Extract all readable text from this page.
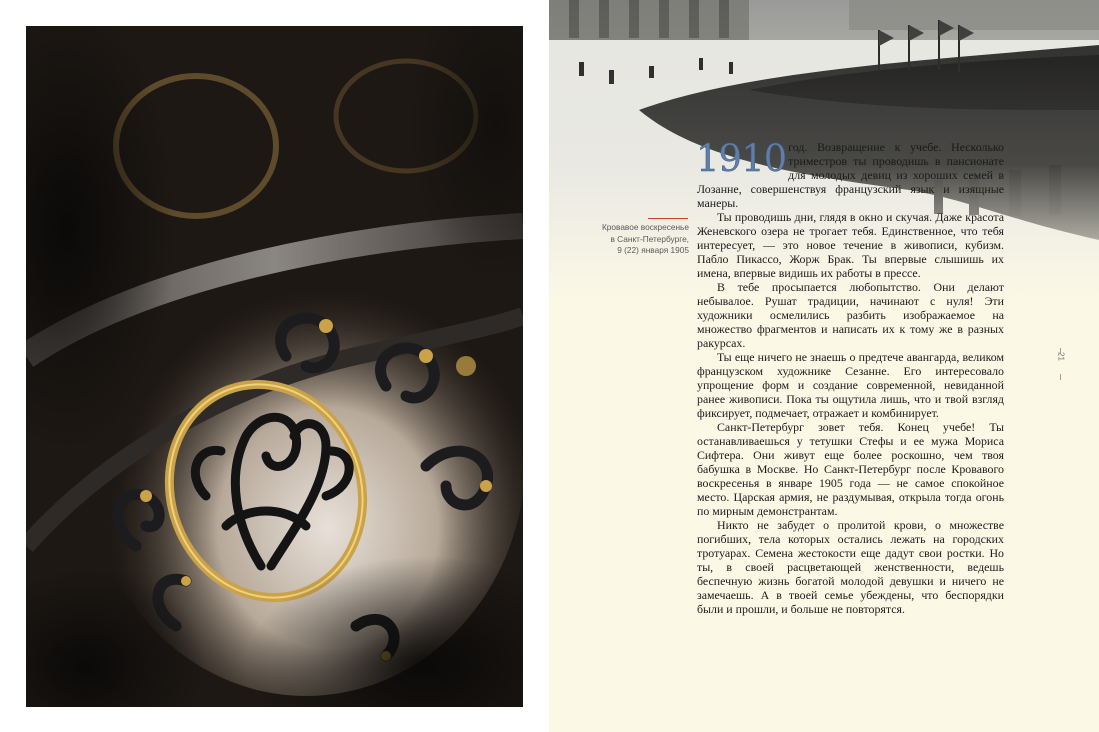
Кровавое воскресенье
в Санкт-Петербурге,
9 (22) января 1905

1910 год. Возвращение к учебе. Несколько триместров ты проводишь в пансионате для молодых девиц из хороших семей в Лозанне, совершенствуя французский язык и изящные манеры.

Ты проводишь дни, глядя в окно и скучая. Даже красота Женевского озера не трогает тебя. Единственное, что тебя интересует, — это новое течение в живописи, кубизм. Пабло Пикассо, Жорж Брак. Ты впервые слышишь их имена, впервые видишь их работы в прессе.

В тебе просыпается любопытство. Они делают небывалое. Рушат традиции, начинают с нуля! Эти художники осмелились разбить изображаемое на множество фрагментов и написать их к тому же в разных ракурсах.

Ты еще ничего не знаешь о предтече авангарда, великом французском художнике Сезанне. Его интересовало упрощение форм и создание современной, невиданной ранее живописи. Пока ты ощутила лишь, что и твой взгляд фиксирует, подмечает, отражает и комбинирует.

Санкт-Петербург зовет тебя. Конец учебе! Ты останавливаешься у тетушки Стефы и ее мужа Мориса Сифтера. Они живут еще более роскошно, чем твоя бабушка в Москве. Но Санкт-Петербург после Кровавого воскресенья в январе 1905 года — не самое спокойное место. Царская армия, не раздумывая, открыла тогда огонь по мирным демонстрантам.

Никто не забудет о пролитой крови, о множестве погибших, тела которых остались лежать на городских тротуарах. Семена жестокости еще дадут свои ростки. Но ты, в своей расцветающей женственности, ведешь беспечную жизнь богатой молодой девушки и ничего не замечаешь. А в твоей семье убеждены, что беспорядки были и прошли, и больше не повторятся.

21
